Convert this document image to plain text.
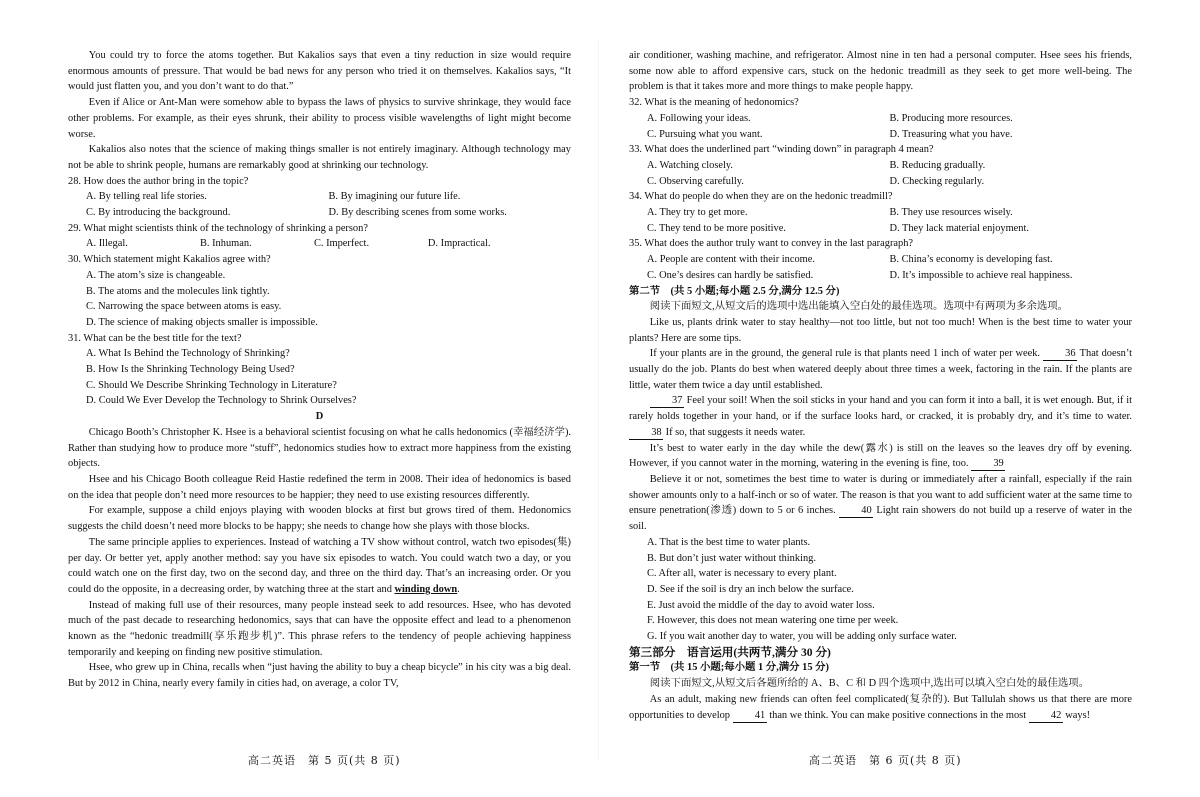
You could try to force the atoms together. But Kakalios says that even a tiny reduction in size would require enormous amounts of pressure. That would be bad news for any person who tried it on themselves. Kakalios says, “It would just flatten you, and you don’t want to do that.”

Even if Alice or Ant-Man were somehow able to bypass the laws of physics to survive shrinkage, they would face other problems. For example, as their eyes shrunk, their ability to process visible wavelengths of light might become worse.

Kakalios also notes that the science of making things smaller is not entirely imaginary. Although technology may not be able to shrink people, humans are remarkably good at shrinking our technology.

28. How does the author bring in the topic?

A. By telling real life stories.	B. By imagining our future life.
C. By introducing the background.	D. By describing scenes from some works.

29. What might scientists think of the technology of shrinking a person?

A. Illegal.	B. Inhuman.	C. Imperfect.	D. Impractical.

30. Which statement might Kakalios agree with?

A. The atom’s size is changeable.
B. The atoms and the molecules link tightly.
C. Narrowing the space between atoms is easy.
D. The science of making objects smaller is impossible.

31. What can be the best title for the text?

A. What Is Behind the Technology of Shrinking?
B. How Is the Shrinking Technology Being Used?
C. Should We Describe Shrinking Technology in Literature?
D. Could We Ever Develop the Technology to Shrink Ourselves?

D

Chicago Booth’s Christopher K. Hsee is a behavioral scientist focusing on what he calls hedonomics (幸福经济学). Rather than studying how to produce more “stuff”, hedonomics studies how to extract more happiness from the existing objects.

Hsee and his Chicago Booth colleague Reid Hastie redefined the term in 2008. Their idea of hedonomics is based on the idea that people don’t need more resources to be happier; they need to use existing resources differently.

For example, suppose a child enjoys playing with wooden blocks at first but grows tired of them. Hedonomics suggests the child doesn’t need more blocks to be happy; she needs to change how she plays with those blocks.

The same principle applies to experiences. Instead of watching a TV show without control, watch two episodes(集) per day. Or better yet, apply another method: say you have six episodes to watch. You could watch two a day, or you could watch one on the first day, two on the second day, and three on the third day. That’s an increasing order. Or you could do the opposite, in a decreasing order, by watching three at the start and winding down.

Instead of making full use of their resources, many people instead seek to add resources. Hsee, who has devoted much of the past decade to researching hedonomics, says that can have the opposite effect and lead to a phenomenon known as the “hedonic treadmill(享乐跑步机)”. This phrase refers to the tendency of people achieving happiness temporarily and keeping on finding new positive stimulation.

Hsee, who grew up in China, recalls when “just having the ability to buy a cheap bicycle” in his city was a big deal. But by 2012 in China, nearly every family in cities had, on average, a color TV,

高二英语　第 5 页(共 8 页)

air conditioner, washing machine, and refrigerator. Almost nine in ten had a personal computer. Hsee sees his friends, some now able to afford expensive cars, stuck on the hedonic treadmill as they seek to get more well-being. The problem is that it takes more and more things to make people happy.

32. What is the meaning of hedonomics?

A. Following your ideas.	B. Producing more resources.
C. Pursuing what you want.	D. Treasuring what you have.

33. What does the underlined part “winding down” in paragraph 4 mean?

A. Watching closely.	B. Reducing gradually.
C. Observing carefully.	D. Checking regularly.

34. What do people do when they are on the hedonic treadmill?

A. They try to get more.	B. They use resources wisely.
C. They tend to be more positive.	D. They lack material enjoyment.

35. What does the author truly want to convey in the last paragraph?

A. People are content with their income.	B. China’s economy is developing fast.
C. One’s desires can hardly be satisfied.	D. It’s impossible to achieve real happiness.

第二节　(共 5 小题;每小题 2.5 分,满分 12.5 分)

阅读下面短文,从短文后的选项中选出能填入空白处的最佳选项。选项中有两项为多余选项。

Like us, plants drink water to stay healthy—not too little, but not too much! When is the best time to water your plants? Here are some tips.

If your plants are in the ground, the general rule is that plants need 1 inch of water per week. 36 That doesn’t usually do the job. Plants do best when watered deeply about three times a week, factoring in the rain. If the plants are little, water them twice a day until established.

37 Feel your soil! When the soil sticks in your hand and you can form it into a ball, it is wet enough. But, if it rarely holds together in your hand, or if the surface looks hard, or cracked, it is probably dry, and it’s time to water. 38 If so, that suggests it needs water.

It’s best to water early in the day while the dew(露水) is still on the leaves so the leaves dry off by evening. However, if you cannot water in the morning, watering in the evening is fine, too. 39

Believe it or not, sometimes the best time to water is during or immediately after a rainfall, especially if the rain shower amounts only to a half-inch or so of water. The reason is that you want to add sufficient water at the same time to ensure penetration(渗透) down to 5 or 6 inches. 40 Light rain showers do not build up a reserve of water in the soil.

A. That is the best time to water plants.
B. But don’t just water without thinking.
C. After all, water is necessary to every plant.
D. See if the soil is dry an inch below the surface.
E. Just avoid the middle of the day to avoid water loss.
F. However, this does not mean watering one time per week.
G. If you wait another day to water, you will be adding only surface water.

第三部分　语言运用(共两节,满分 30 分)

第一节　(共 15 小题;每小题 1 分,满分 15 分)

阅读下面短文,从短文后各题所给的 A、B、C 和 D 四个选项中,选出可以填入空白处的最佳选项。

As an adult, making new friends can often feel complicated(复杂的). But Tallulah shows us that there are more opportunities to develop 41 than we think. You can make positive connections in the most 42 ways!

高二英语　第 6 页(共 8 页)
